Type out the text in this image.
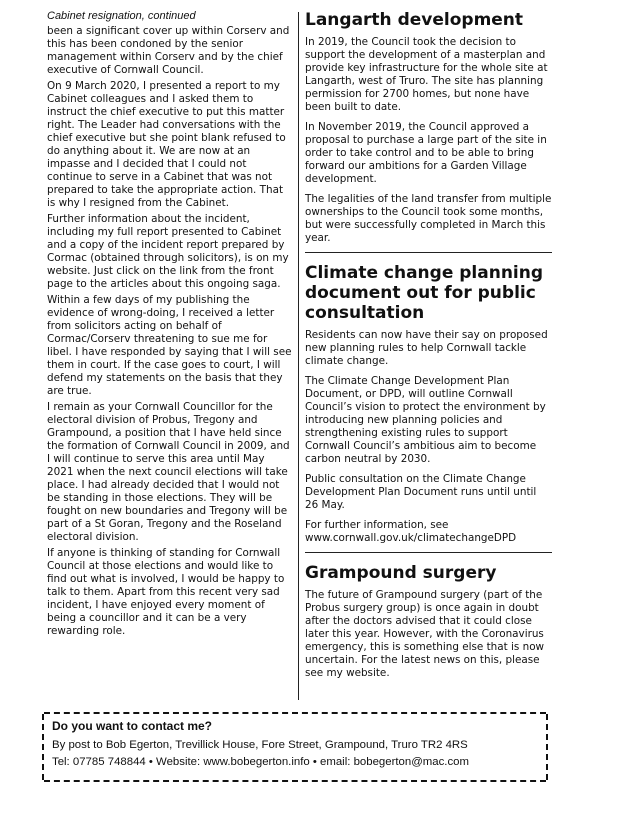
Cabinet resignation, continued

been a significant cover up within Corserv and this has been condoned by the senior management within Corserv and by the chief executive of Cornwall Council.

On 9 March 2020, I presented a report to my Cabinet colleagues and I asked them to instruct the chief executive to put this matter right. The Leader had conversations with the chief executive but she point blank refused to do anything about it. We are now at an impasse and I decided that I could not continue to serve in a Cabinet that was not prepared to take the appropriate action. That is why I resigned from the Cabinet.

Further information about the incident, including my full report presented to Cabinet and a copy of the incident report prepared by Cormac (obtained through solicitors), is on my website. Just click on the link from the front page to the articles about this ongoing saga.

Within a few days of my publishing the evidence of wrong-doing, I received a letter from solicitors acting on behalf of Cormac/Corserv threatening to sue me for libel. I have responded by saying that I will see them in court. If the case goes to court, I will defend my statements on the basis that they are true.

I remain as your Cornwall Councillor for the electoral division of Probus, Tregony and Grampound, a position that I have held since the formation of Cornwall Council in 2009, and I will continue to serve this area until May 2021 when the next council elections will take place. I had already decided that I would not be standing in those elections. They will be fought on new boundaries and Tregony will be part of a St Goran, Tregony and the Roseland electoral division.

If anyone is thinking of standing for Cornwall Council at those elections and would like to find out what is involved, I would be happy to talk to them. Apart from this recent very sad incident, I have enjoyed every moment of being a councillor and it can be a very rewarding role.

Langarth development

In 2019, the Council took the decision to support the development of a masterplan and provide key infrastructure for the whole site at Langarth, west of Truro. The site has planning permission for 2700 homes, but none have been built to date.

In November 2019, the Council approved a proposal to purchase a large part of the site in order to take control and to be able to bring forward our ambitions for a Garden Village development.

The legalities of the land transfer from multiple ownerships to the Council took some months, but were successfully completed in March this year.

Climate change planning document out for public consultation

Residents can now have their say on proposed new planning rules to help Cornwall tackle climate change.

The Climate Change Development Plan Document, or DPD, will outline Cornwall Council’s vision to protect the environment by introducing new planning policies and strengthening existing rules to support Cornwall Council’s ambitious aim to become carbon neutral by 2030.

Public consultation on the Climate Change Development Plan Document runs until until 26 May.

For further information, see www.cornwall.gov.uk/climatechangeDPD

Grampound surgery

The future of Grampound surgery (part of the Probus surgery group) is once again in doubt after the doctors advised that it could close later this year. However, with the Coronavirus emergency, this is something else that is now uncertain. For the latest news on this, please see my website.

Do you want to contact me?
By post to Bob Egerton, Trevillick House, Fore Street, Grampound, Truro TR2 4RS
Tel: 07785 748844 • Website: www.bobegerton.info • email: bobegerton@mac.com
